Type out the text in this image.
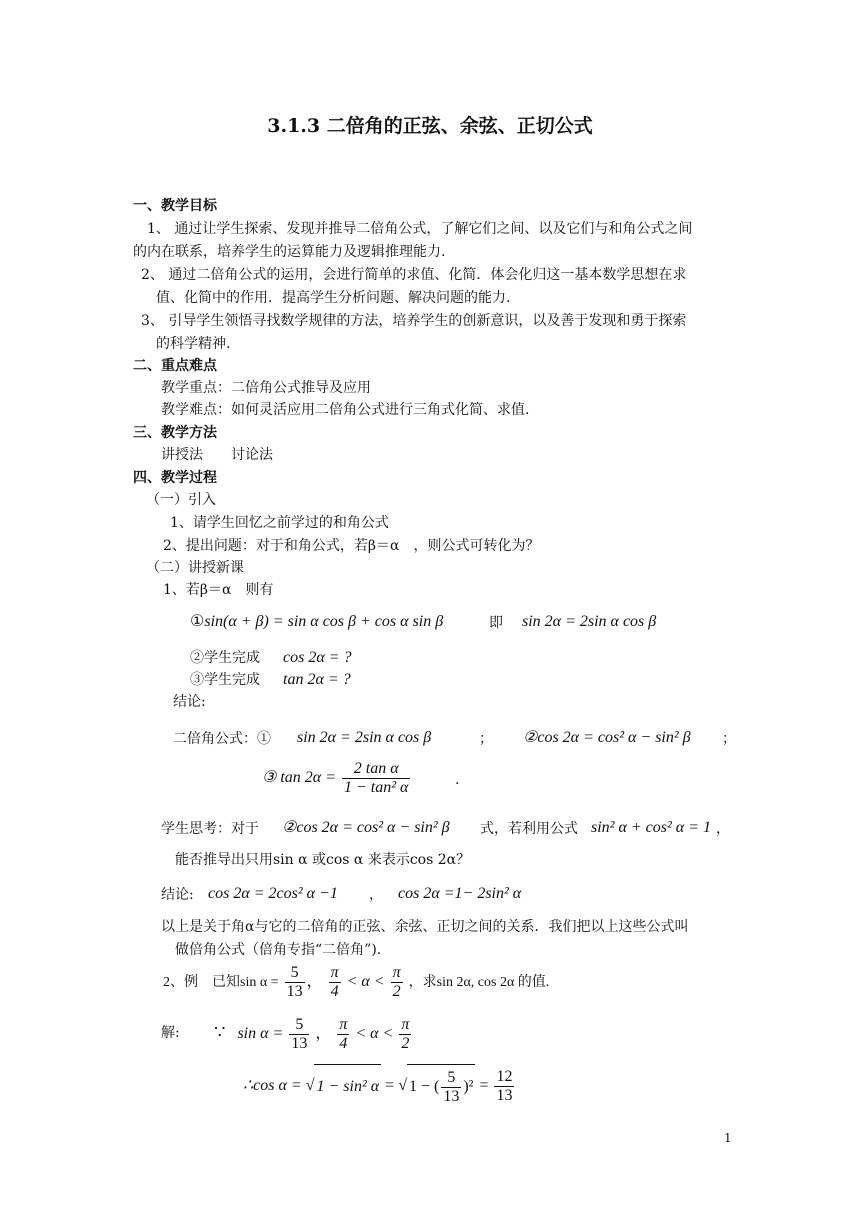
3.1.3 二倍角的正弦、余弦、正切公式
一、教学目标
1、 通过让学生探索、发现并推导二倍角公式，了解它们之间、以及它们与和角公式之间
的内在联系，培养学生的运算能力及逻辑推理能力.
2、 通过二倍角公式的运用，会进行简单的求值、化简．体会化归这一基本数学思想在求
值、化简中的作用．提高学生分析问题、解决问题的能力.
3、 引导学生领悟寻找数学规律的方法，培养学生的创新意识，以及善于发现和勇于探索
的科学精神.
二、重点难点
教学重点：二倍角公式推导及应用
教学难点：如何灵活应用二倍角公式进行三角式化简、求值.
三、教学方法
讲授法　　讨论法
四、教学过程
（一）引入
1、请学生回忆之前学过的和角公式
2、提出问题：对于和角公式，若β＝α　，则公式可转化为？
（二）讲授新课
1、若β＝α　则有
①sin(α + β) = sin α cos β + cos α sin β	即 sin 2α = 2sin α cos β
②学生完成 cos 2α = ?
③学生完成 tan 2α = ?
结论:
二倍角公式：① sin 2α = 2sin α cos β	； ②cos 2α = cos² α − sin² β ；
③ $\tan 2\alpha = \frac{\text{2 tan α}}{\text{1 − tan² α}}$	.
学生思考：对于 ②cos 2α = cos² α − sin² β 式，若利用公式 sin² α + cos² α = 1 ，
能否推导出只用sin α 或cos α 来表示cos 2α？
结论: cos 2α = 2cos² α −1 ， cos 2α =1− 2sin² α
以上是关于角α与它的二倍角的正弦、余弦、正切之间的关系．我们把以上这些公式叫
做倍角公式（倍角专指“二倍角”).
2、例　已知$\sin \alpha = \frac{5}{13}$ ， $\frac{\pi}{4} < \alpha < \frac{\pi}{2}$ ，求sin 2α, cos 2α 的值.
解: ∵ $\sin \alpha = \frac{5}{13}$ ， $\frac{\pi}{4} < \alpha < \frac{\pi}{2}$
∴cos α = √ 1 − sin² α = √ 1 − ( $\frac{5}{13} )^2 = \frac{12}{13}$
1
